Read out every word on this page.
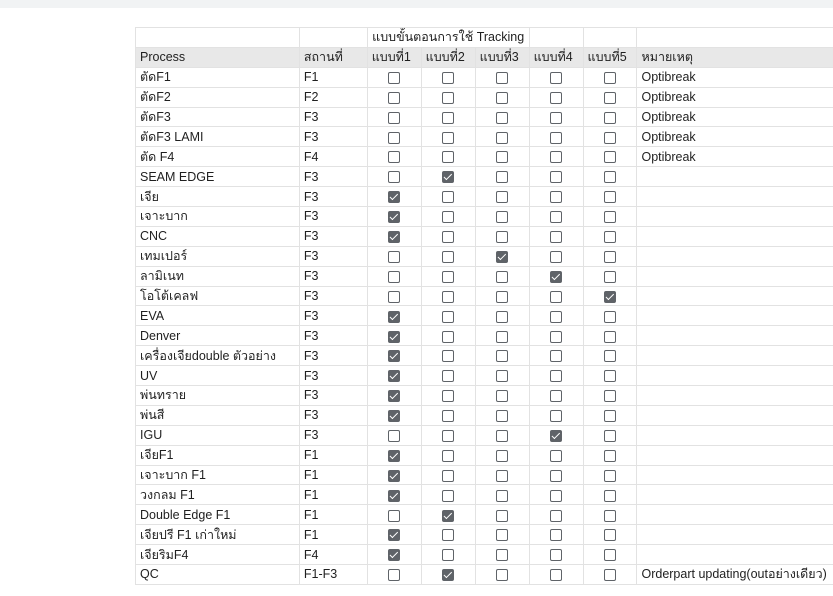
		แบบขั้นตอนการใช้ Tracking					
Process	สถานที่	แบบที่1	แบบที่2	แบบที่3	แบบที่4	แบบที่5	หมายเหตุ
ตัดF1	F1						Optibreak
ตัดF2	F2						Optibreak
ตัดF3	F3						Optibreak
ตัดF3 LAMI	F3						Optibreak
ตัด F4	F4						Optibreak
SEAM EDGE	F3						
เจีย	F3						
เจาะบาก	F3						
CNC	F3						
เทมเปอร์	F3						
ลามิเนท	F3						
โอโต้เคลฟ	F3						
EVA	F3						
Denver	F3						
เครื่องเจียdouble ตัวอย่าง	F3						
UV	F3						
พ่นทราย	F3						
พ่นสี	F3						
IGU	F3						
เจียF1	F1						
เจาะบาก F1	F1						
วงกลม F1	F1						
Double Edge F1	F1						
เจียปรี F1 เก่าใหม่	F1						
เจียริมF4	F4						
QC	F1-F3						Orderpart updating(outอย่างเดียว)
